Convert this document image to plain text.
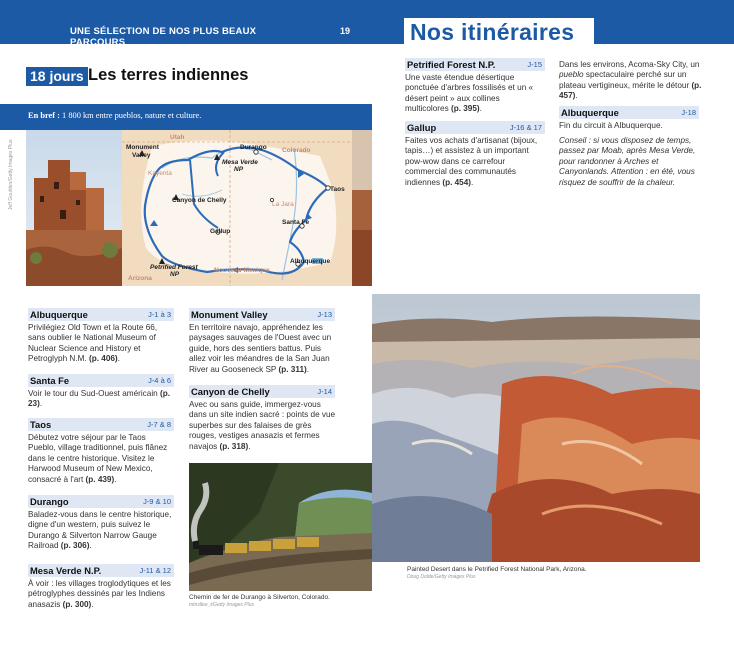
UNE SÉLECTION DE NOS PLUS BEAUX PARCOURS
19	Nos itinéraires
18 jours Les terres indiennes
En bref : 1 800 km entre pueblos, nature et culture.
Jeff Goulden/Getty Images Plus
Utah
Colorado
Arizona
Nouveau-Mexique
Monument
Valley
Durango
Mesa Verde
NP
Kayenta
Canyon de Chelly
La Jara
Taos
Santa Fe
Gallup
Petrified Forest
NP
Albuquerque
Albuquerque	J-1 à 3
Privilégiez Old Town et la Route 66, sans oublier le National Museum of Nuclear Science and History et Petroglyph N.M. (p. 406).
Santa Fe	J-4 à 6
Voir le tour du Sud-Ouest américain (p. 23).
Taos	J-7 & 8
Débutez votre séjour par le Taos Pueblo, village traditionnel, puis flânez dans le centre historique. Visitez le Harwood Museum of New Mexico, consacré à l'art (p. 439).
Durango	J-9 & 10
Baladez-vous dans le centre historique, digne d'un western, puis suivez le Durango & Silverton Narrow Gauge Railroad (p. 306).
Mesa Verde N.P.	J-11 & 12
À voir : les villages troglodytiques et les pétroglyphes dessinés par les Indiens anasazis (p. 300).
Monument Valley	J-13
En territoire navajo, appréhendez les paysages sauvages de l'Ouest avec un guide, hors des sentiers battus. Puis allez voir les méandres de la San Juan River au Gooseneck SP (p. 311).
Canyon de Chelly	J-14
Avec ou sans guide, immergez-vous dans un site indien sacré : points de vue superbes sur des falaises de grès rouges, vestiges anasazis et fermes navajos (p. 318).
Chemin de fer de Durango à Silverton, Colorado.
mtnsllee_t/Getty Images Plus
Petrified Forest N.P.	J-15
Une vaste étendue désertique ponctuée d'arbres fossilisés et un « désert peint » aux collines multicolores (p. 395).
Gallup	J-16 & 17
Faites vos achats d'artisanat (bijoux, tapis…) et assistez à un important pow-wow dans ce carrefour commercial des communautés indiennes (p. 454).
Dans les environs, Acoma-Sky City, un pueblo spectaculaire perché sur un plateau vertigineux, mérite le détour (p. 457).
Albuquerque	J-18
Fin du circuit à Albuquerque.
Conseil : si vous disposez de temps, passez par Moab, après Mesa Verde, pour randonner à Arches et Canyonlands. Attention : en été, vous risquez de souffrir de la chaleur.
Painted Desert dans le Petrified Forest National Park, Arizona.
Doug Dolde/Getty Images Plus
